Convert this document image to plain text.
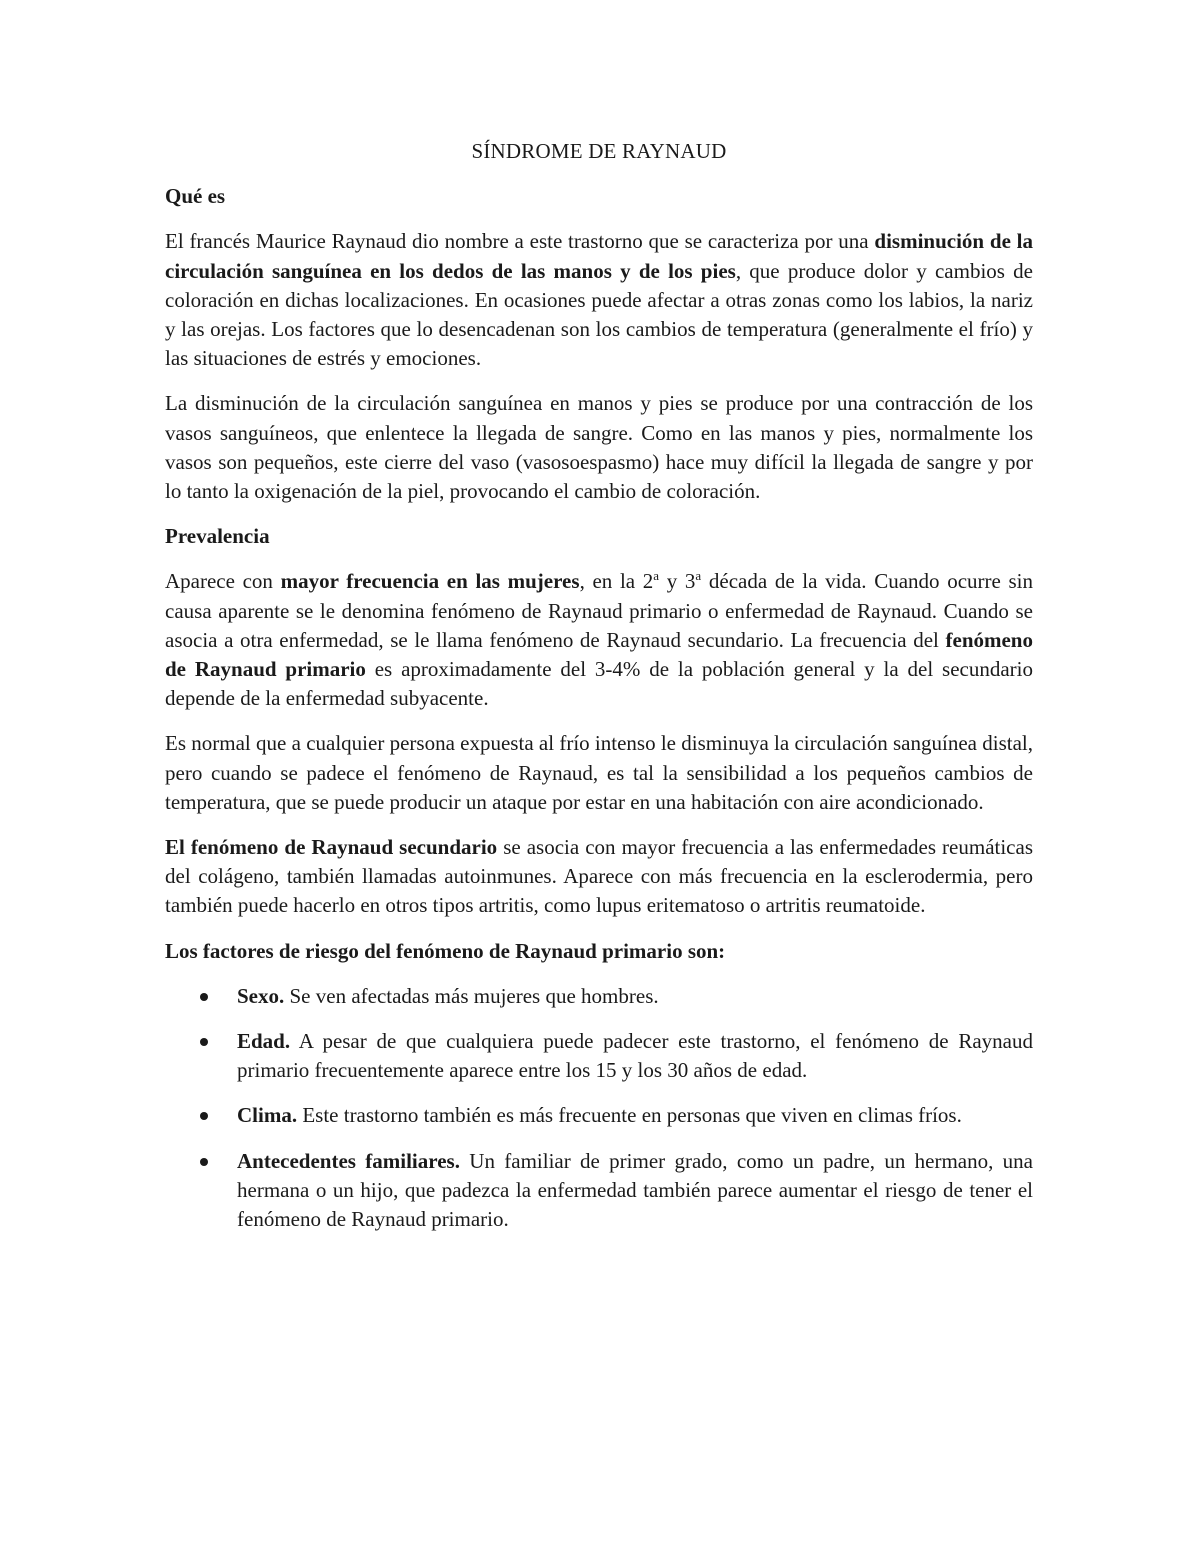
SÍNDROME DE RAYNAUD
Qué es

El francés Maurice Raynaud dio nombre a este trastorno que se caracteriza por una disminución de la circulación sanguínea en los dedos de las manos y de los pies, que produce dolor y cambios de coloración en dichas localizaciones. En ocasiones puede afectar a otras zonas como los labios, la nariz y las orejas. Los factores que lo desencadenan son los cambios de temperatura (generalmente el frío) y las situaciones de estrés y emociones.

La disminución de la circulación sanguínea en manos y pies se produce por una contracción de los vasos sanguíneos, que enlentece la llegada de sangre. Como en las manos y pies, normalmente los vasos son pequeños, este cierre del vaso (vasosoespasmo) hace muy difícil la llegada de sangre y por lo tanto la oxigenación de la piel, provocando el cambio de coloración.

Prevalencia

Aparece con mayor frecuencia en las mujeres, en la 2$^a$ y 3$^a$ década de la vida. Cuando ocurre sin causa aparente se le denomina fenómeno de Raynaud primario o enfermedad de Raynaud. Cuando se asocia a otra enfermedad, se le llama fenómeno de Raynaud secundario. La frecuencia del fenómeno de Raynaud primario es aproximadamente del 3-4% de la población general y la del secundario depende de la enfermedad subyacente.

Es normal que a cualquier persona expuesta al frío intenso le disminuya la circulación sanguínea distal, pero cuando se padece el fenómeno de Raynaud, es tal la sensibilidad a los pequeños cambios de temperatura, que se puede producir un ataque por estar en una habitación con aire acondicionado.

El fenómeno de Raynaud secundario se asocia con mayor frecuencia a las enfermedades reumáticas del colágeno, también llamadas autoinmunes. Aparece con más frecuencia en la esclerodermia, pero también puede hacerlo en otros tipos artritis, como lupus eritematoso o artritis reumatoide.

Los factores de riesgo del fenómeno de Raynaud primario son:
Sexo. Se ven afectadas más mujeres que hombres.
Edad. A pesar de que cualquiera puede padecer este trastorno, el fenómeno de Raynaud primario frecuentemente aparece entre los 15 y los 30 años de edad.
Clima. Este trastorno también es más frecuente en personas que viven en climas fríos.
Antecedentes familiares. Un familiar de primer grado, como un padre, un hermano, una hermana o un hijo, que padezca la enfermedad también parece aumentar el riesgo de tener el fenómeno de Raynaud primario.
